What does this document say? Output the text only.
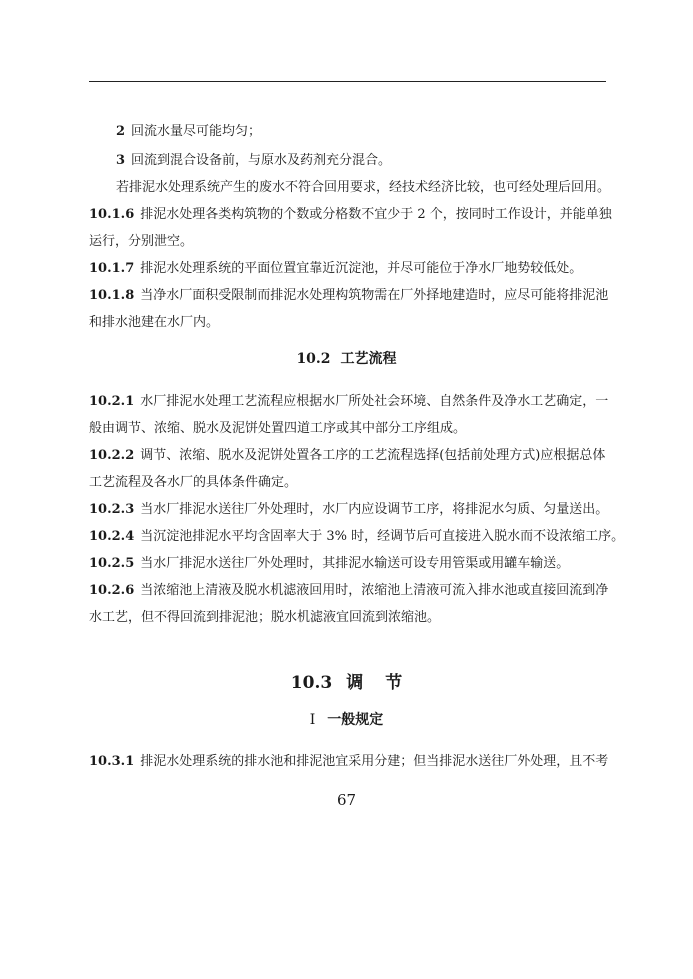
2 回流水量尽可能均匀；
3 回流到混合设备前，与原水及药剂充分混合。
若排泥水处理系统产生的废水不符合回用要求，经技术经济比较，也可经处理后回用。
10.1.6 排泥水处理各类构筑物的个数或分格数不宜少于 2 个，按同时工作设计，并能单独
运行，分别泄空。
10.1.7 排泥水处理系统的平面位置宜靠近沉淀池，并尽可能位于净水厂地势较低处。
10.1.8 当净水厂面积受限制而排泥水处理构筑物需在厂外择地建造时，应尽可能将排泥池
和排水池建在水厂内。
10.2 工艺流程
10.2.1 水厂排泥水处理工艺流程应根据水厂所处社会环境、自然条件及净水工艺确定，一
般由调节、浓缩、脱水及泥饼处置四道工序或其中部分工序组成。
10.2.2 调节、浓缩、脱水及泥饼处置各工序的工艺流程选择(包括前处理方式)应根据总体
工艺流程及各水厂的具体条件确定。
10.2.3 当水厂排泥水送往厂外处理时，水厂内应设调节工序，将排泥水匀质、匀量送出。
10.2.4 当沉淀池排泥水平均含固率大于 3% 时，经调节后可直接进入脱水而不设浓缩工序。
10.2.5 当水厂排泥水送往厂外处理时，其排泥水输送可设专用管渠或用罐车输送。
10.2.6 当浓缩池上清液及脱水机滤液回用时，浓缩池上清液可流入排水池或直接回流到净
水工艺，但不得回流到排泥池；脱水机滤液宜回流到浓缩池。
10.3 调节
Ⅰ 一般规定
10.3.1 排泥水处理系统的排水池和排泥池宜采用分建；但当排泥水送往厂外处理，且不考
67
